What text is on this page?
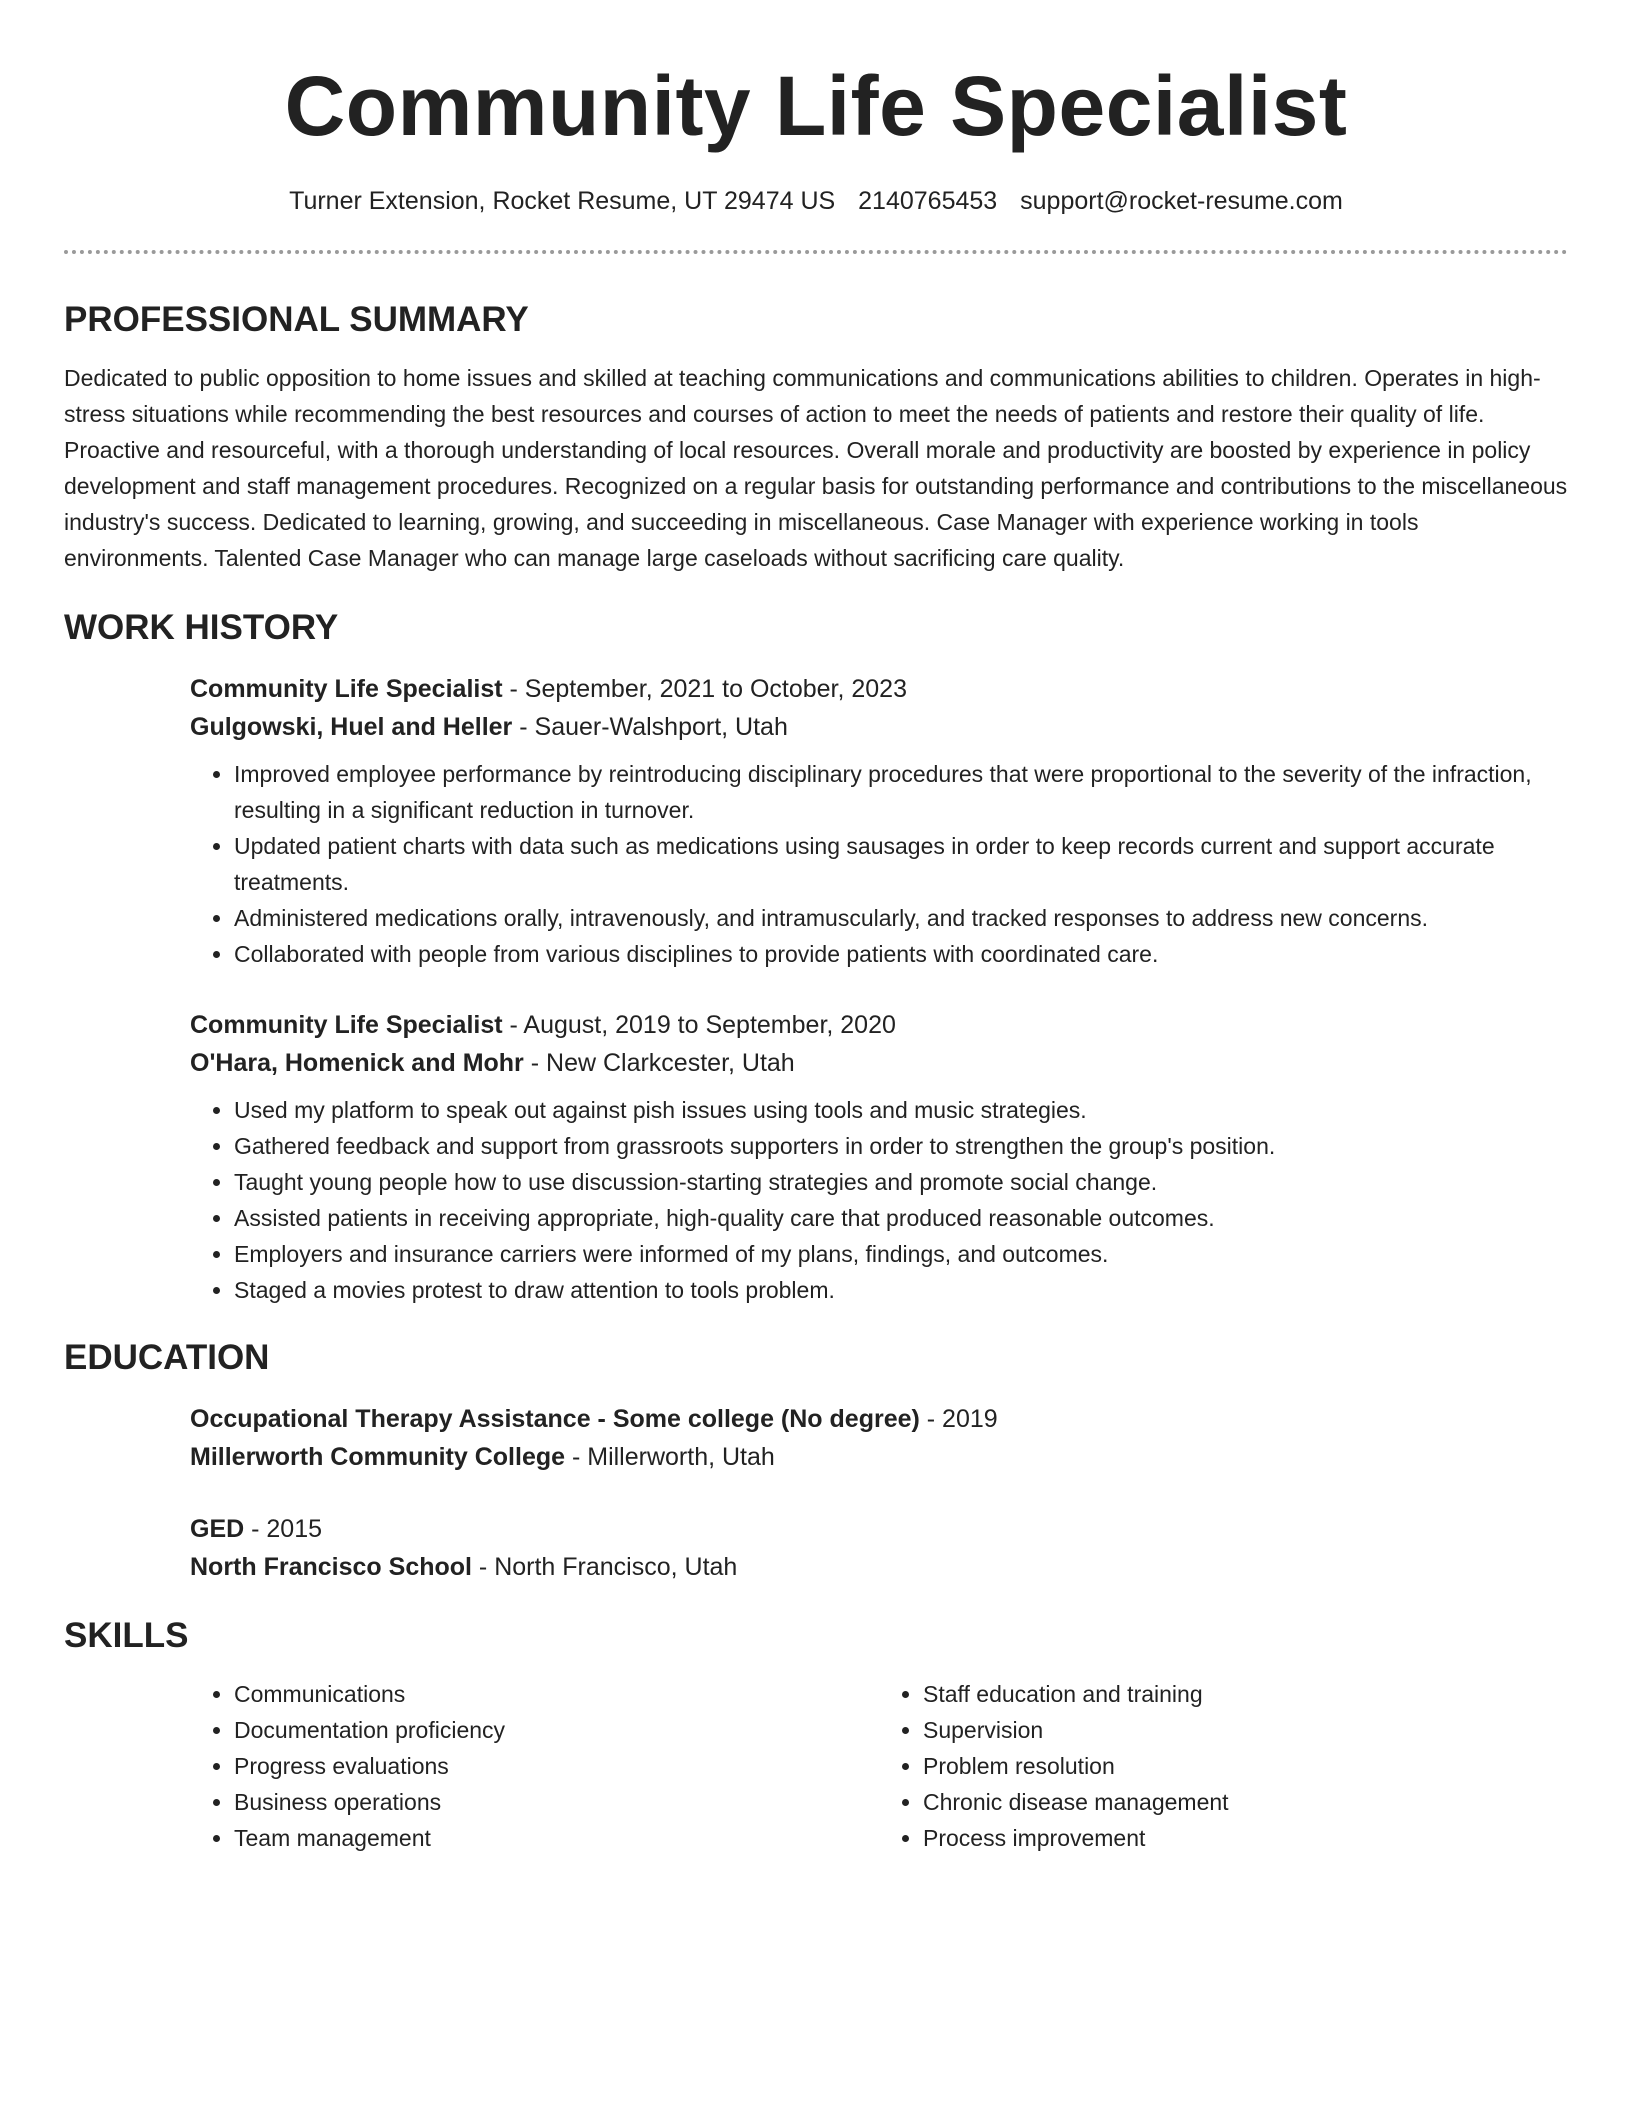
Community Life Specialist
Turner Extension, Rocket Resume, UT 29474 US 2140765453 support@rocket-resume.com
PROFESSIONAL SUMMARY

Dedicated to public opposition to home issues and skilled at teaching communications and communications abilities to children. Operates in high-stress situations while recommending the best resources and courses of action to meet the needs of patients and restore their quality of life. Proactive and resourceful, with a thorough understanding of local resources. Overall morale and productivity are boosted by experience in policy development and staff management procedures. Recognized on a regular basis for outstanding performance and contributions to the miscellaneous industry's success. Dedicated to learning, growing, and succeeding in miscellaneous. Case Manager with experience working in tools environments. Talented Case Manager who can manage large caseloads without sacrificing care quality.

WORK HISTORY

Community Life Specialist - September, 2021 to October, 2023

Gulgowski, Huel and Heller - Sauer-Walshport, Utah

• Improved employee performance by reintroducing disciplinary procedures that were proportional to the severity of the infraction, resulting in a significant reduction in turnover.
• Updated patient charts with data such as medications using sausages in order to keep records current and support accurate treatments.
• Administered medications orally, intravenously, and intramuscularly, and tracked responses to address new concerns.
• Collaborated with people from various disciplines to provide patients with coordinated care.

Community Life Specialist - August, 2019 to September, 2020

O'Hara, Homenick and Mohr - New Clarkcester, Utah

• Used my platform to speak out against pish issues using tools and music strategies.
• Gathered feedback and support from grassroots supporters in order to strengthen the group's position.
• Taught young people how to use discussion-starting strategies and promote social change.
• Assisted patients in receiving appropriate, high-quality care that produced reasonable outcomes.
• Employers and insurance carriers were informed of my plans, findings, and outcomes.
• Staged a movies protest to draw attention to tools problem.
EDUCATION

Occupational Therapy Assistance - Some college (No degree) - 2019

Millerworth Community College - Millerworth, Utah

GED - 2015

North Francisco School - North Francisco, Utah

SKILLS
• Communications
• Documentation proficiency
• Progress evaluations
• Business operations
• Team management
• Staff education and training
• Supervision
• Problem resolution
• Chronic disease management
• Process improvement
